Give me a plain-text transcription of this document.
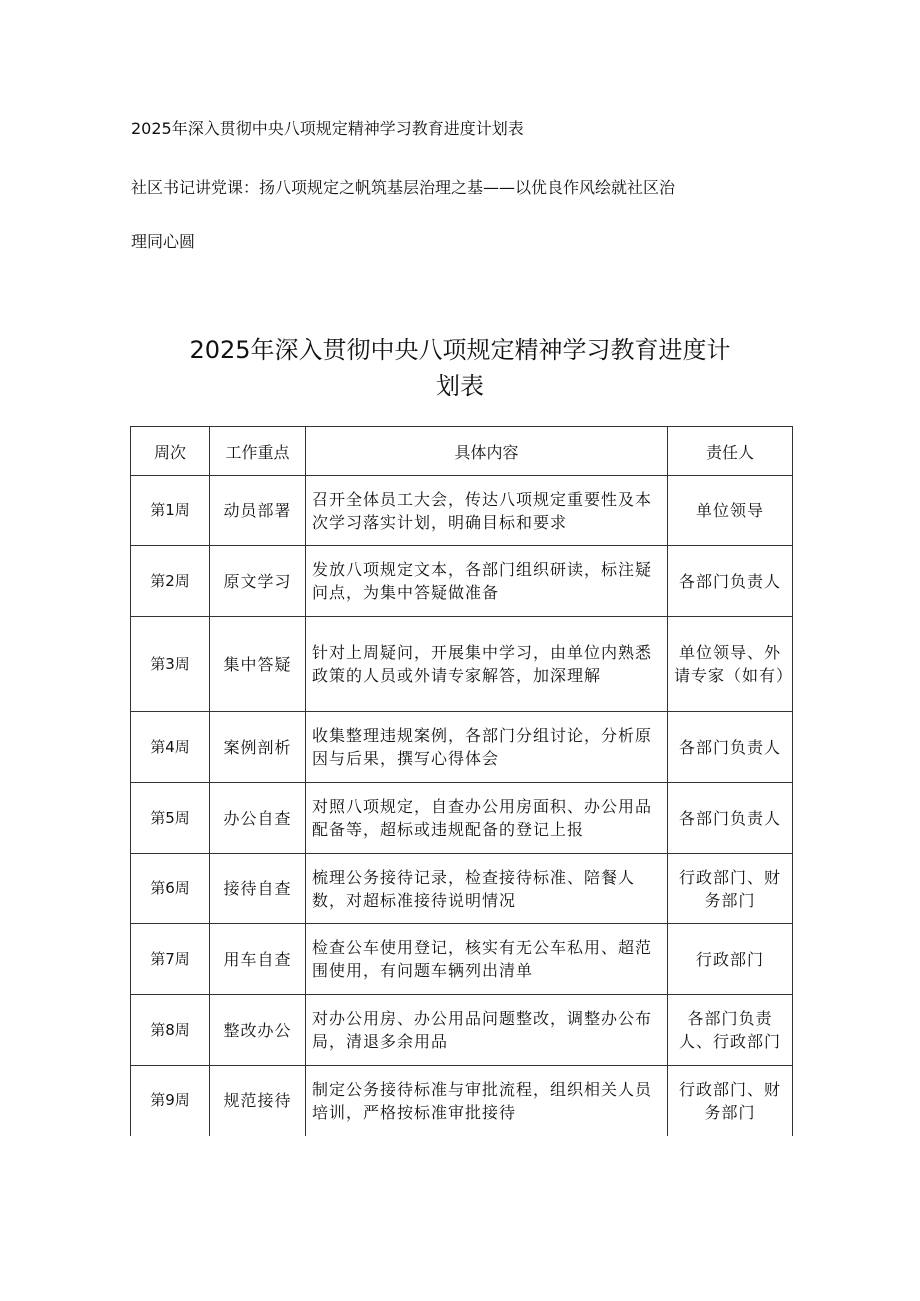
2025年深入贯彻中央八项规定精神学习教育进度计划表
社区书记讲党课：扬八项规定之帆筑基层治理之基——以优良作风绘就社区治
理同心圆
2025年深入贯彻中央八项规定精神学习教育进度计
划表
周次	工作重点	具体内容	责任人
第1周	动员部署	召开全体员工大会，传达八项规定重要性及本次学习落实计划，明确目标和要求	单位领导
第2周	原文学习	发放八项规定文本，各部门组织研读，标注疑问点，为集中答疑做准备	各部门负责人
第3周	集中答疑	针对上周疑问，开展集中学习，由单位内熟悉政策的人员或外请专家解答，加深理解	单位领导、外请专家（如有）
第4周	案例剖析	收集整理违规案例，各部门分组讨论，分析原因与后果，撰写心得体会	各部门负责人
第5周	办公自查	对照八项规定，自查办公用房面积、办公用品配备等，超标或违规配备的登记上报	各部门负责人
第6周	接待自查	梳理公务接待记录，检查接待标准、陪餐人数，对超标准接待说明情况	行政部门、财务部门
第7周	用车自查	检查公车使用登记，核实有无公车私用、超范围使用，有问题车辆列出清单	行政部门
第8周	整改办公	对办公用房、办公用品问题整改，调整办公布局，清退多余用品	各部门负责人、行政部门
第9周	规范接待	制定公务接待标准与审批流程，组织相关人员培训，严格按标准审批接待	行政部门、财务部门
